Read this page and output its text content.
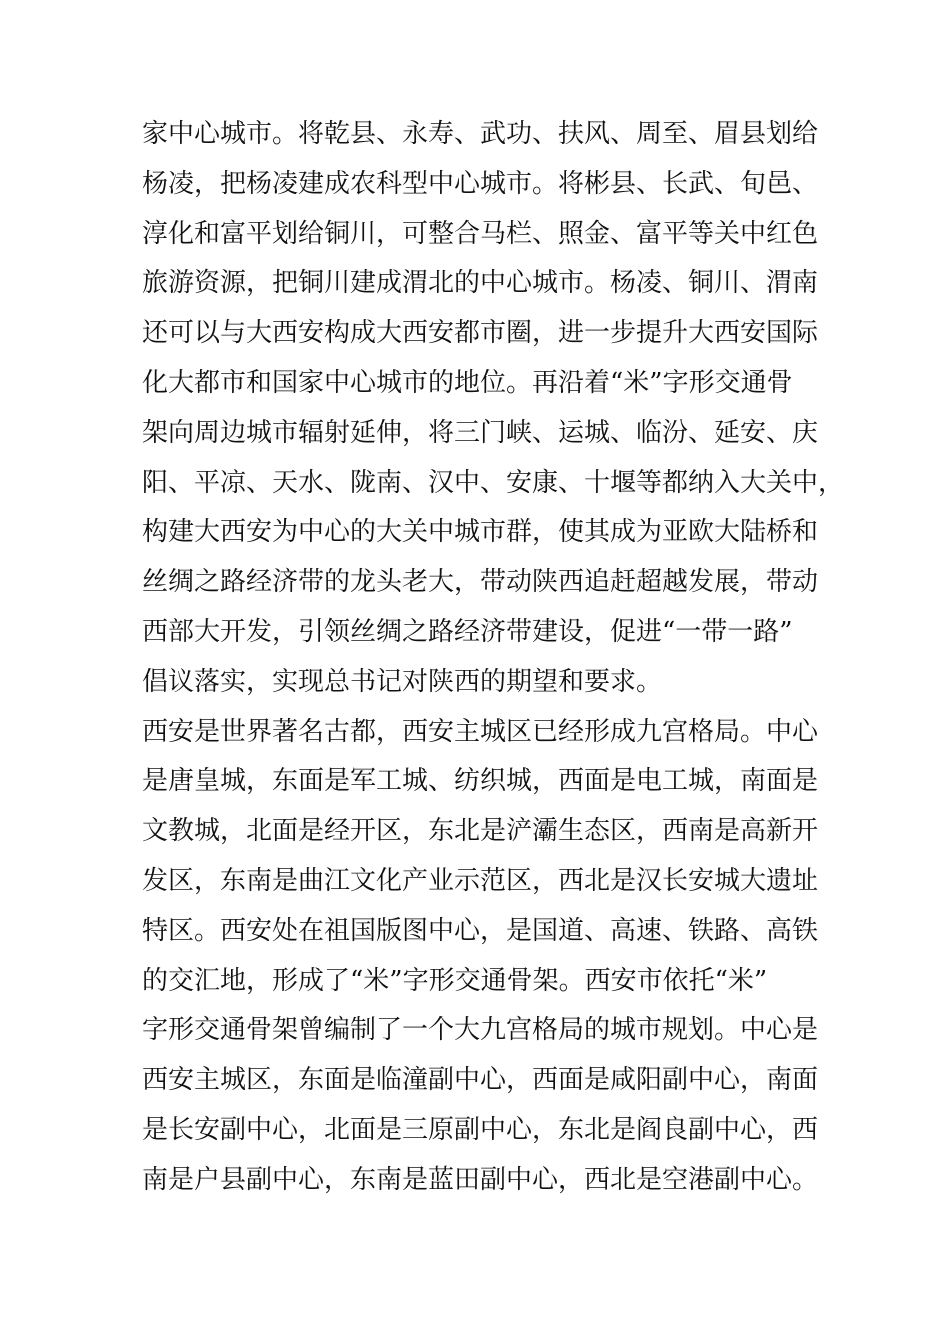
家中心城市。将乾县、永寿、武功、扶风、周至、眉县划给
杨凌，把杨凌建成农科型中心城市。将彬县、长武、旬邑、
淳化和富平划给铜川，可整合马栏、照金、富平等关中红色
旅游资源，把铜川建成渭北的中心城市。杨凌、铜川、渭南
还可以与大西安构成大西安都市圈，进一步提升大西安国际
化大都市和国家中心城市的地位。再沿着“米”字形交通骨
架向周边城市辐射延伸，将三门峡、运城、临汾、延安、庆
阳、平凉、天水、陇南、汉中、安康、十堰等都纳入大关中，
构建大西安为中心的大关中城市群，使其成为亚欧大陆桥和
丝绸之路经济带的龙头老大，带动陕西追赶超越发展，带动
西部大开发，引领丝绸之路经济带建设，促进“一带一路”
倡议落实，实现总书记对陕西的期望和要求。
西安是世界著名古都，西安主城区已经形成九宫格局。中心
是唐皇城，东面是军工城、纺织城，西面是电工城，南面是
文教城，北面是经开区，东北是浐灞生态区，西南是高新开
发区，东南是曲江文化产业示范区，西北是汉长安城大遗址
特区。西安处在祖国版图中心，是国道、高速、铁路、高铁
的交汇地，形成了“米”字形交通骨架。西安市依托“米”
字形交通骨架曾编制了一个大九宫格局的城市规划。中心是
西安主城区，东面是临潼副中心，西面是咸阳副中心，南面
是长安副中心，北面是三原副中心，东北是阎良副中心，西
南是户县副中心，东南是蓝田副中心，西北是空港副中心。
